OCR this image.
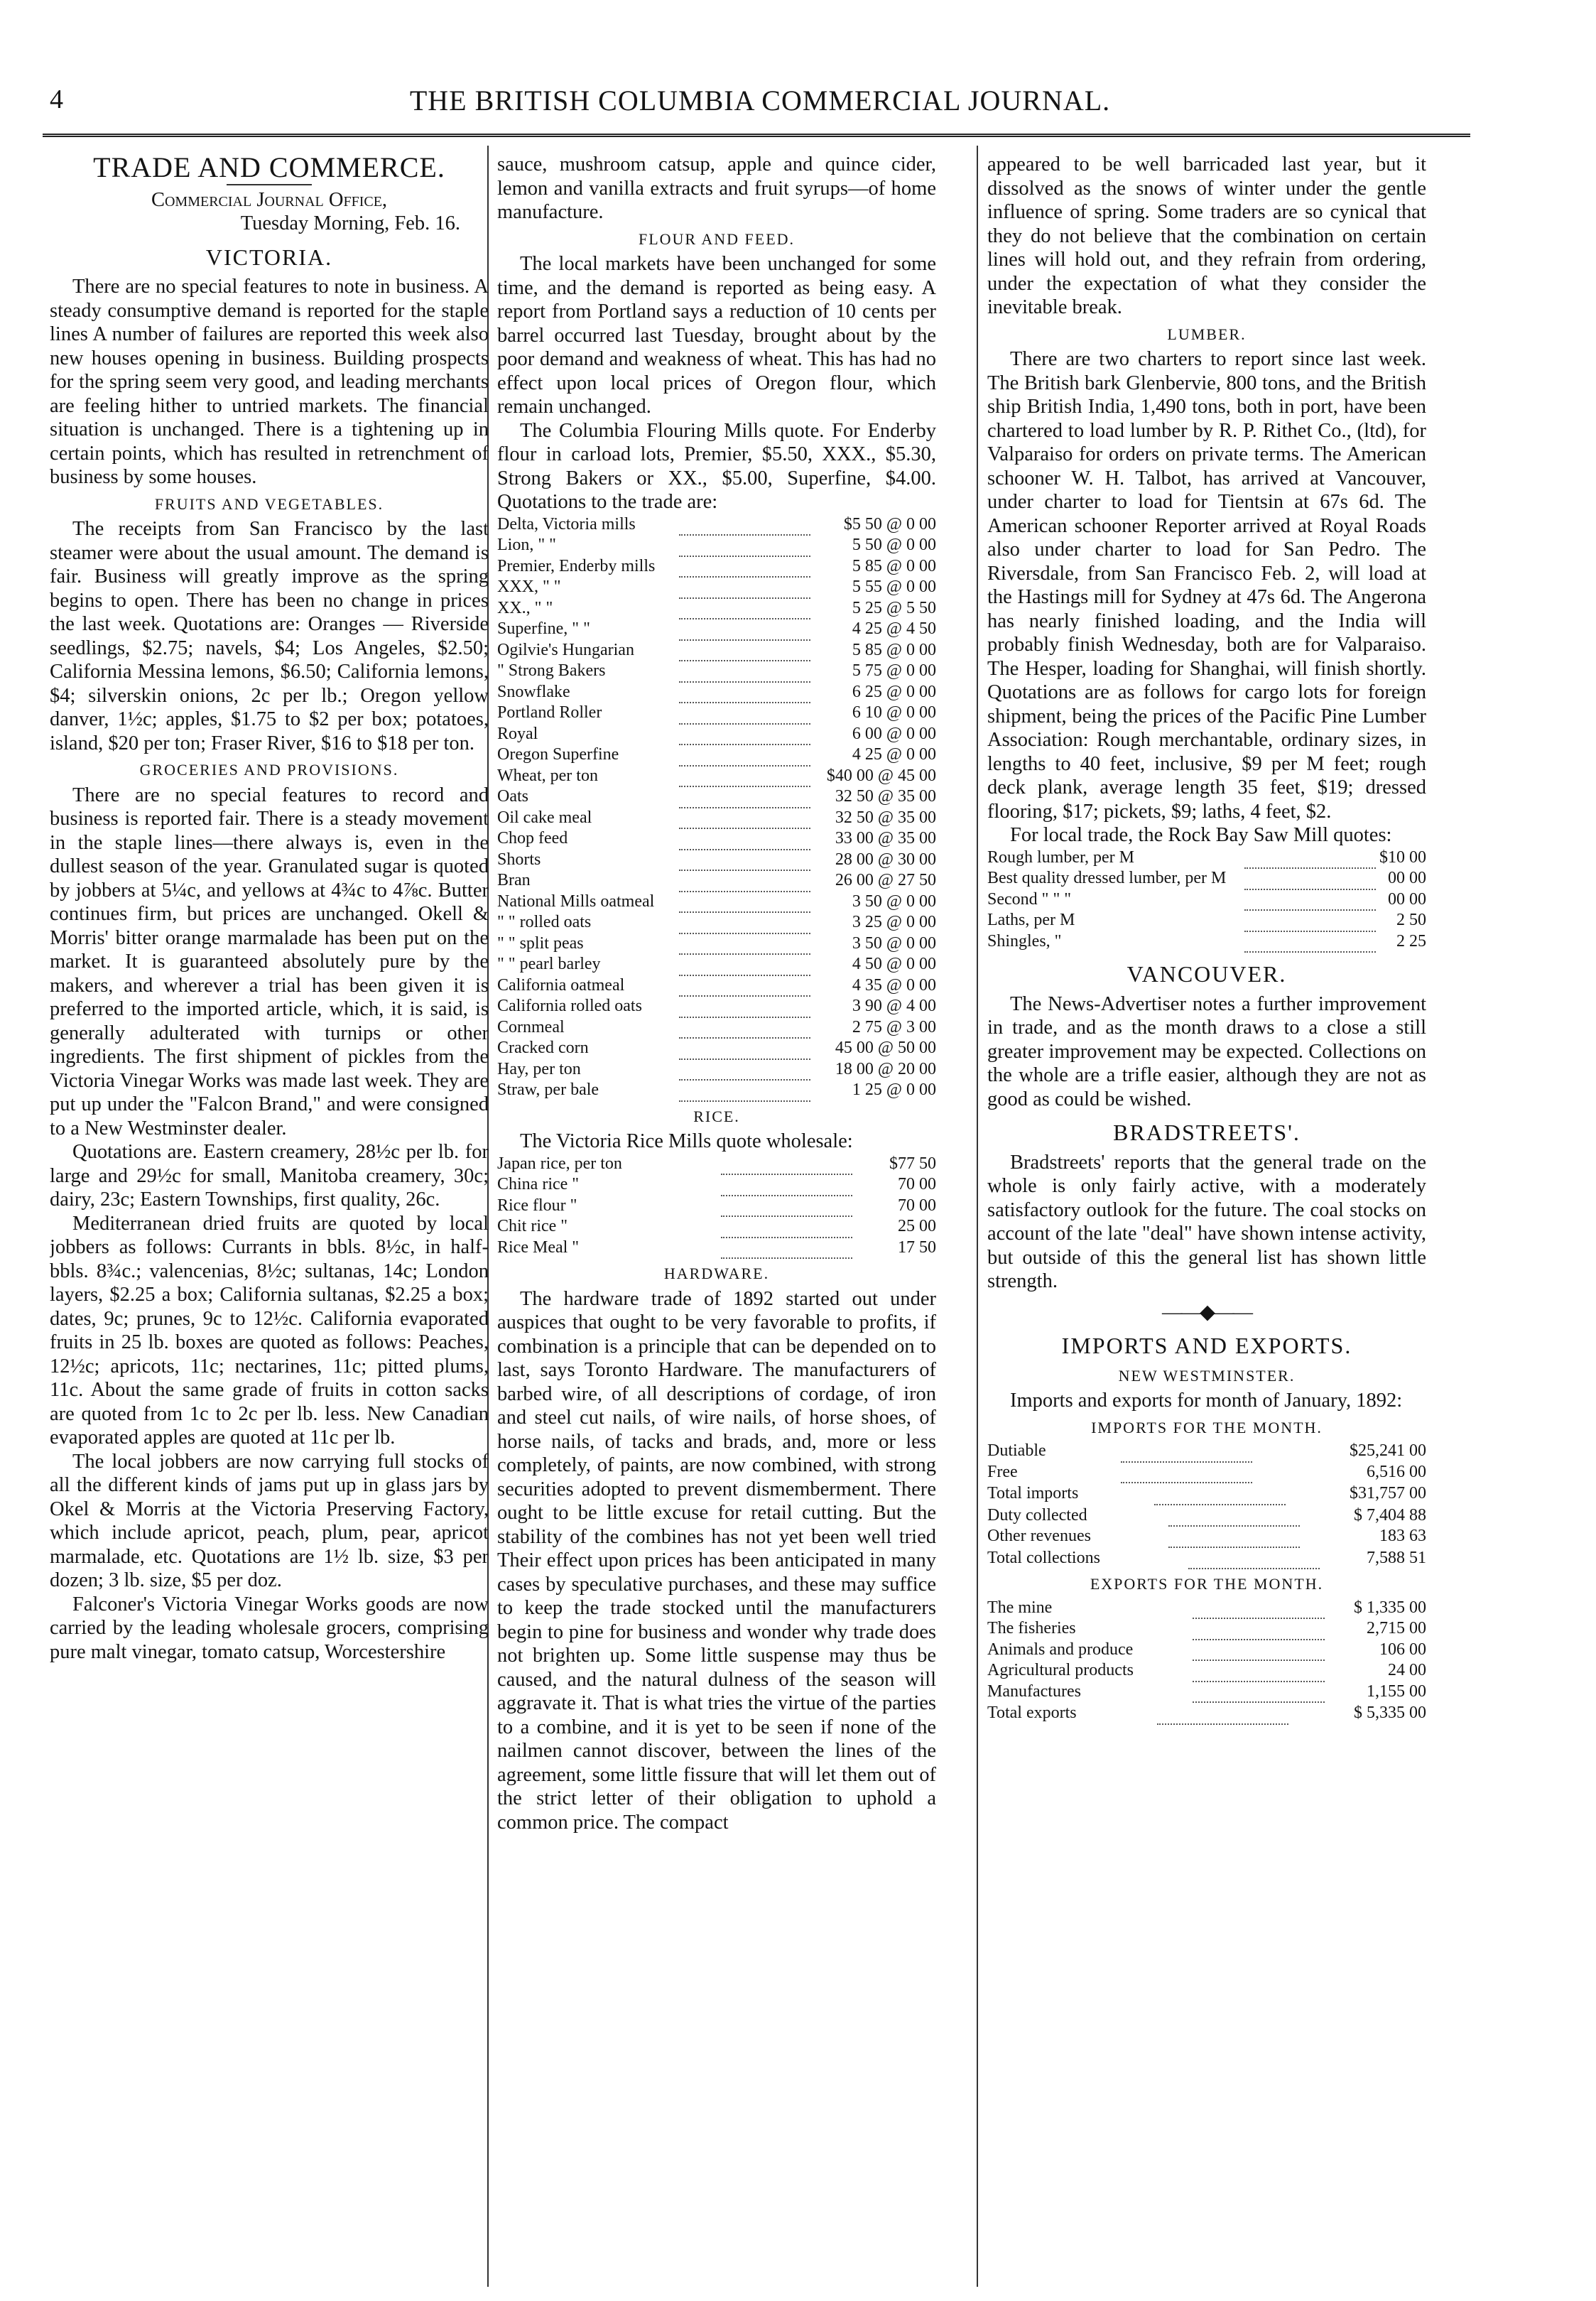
4	THE BRITISH COLUMBIA COMMERCIAL JOURNAL.
TRADE AND COMMERCE.

Commercial Journal Office,

Tuesday Morning, Feb. 16.

VICTORIA.

There are no special features to note in business. A steady consumptive demand is reported for the staple lines A number of failures are reported this week also new houses opening in business. Building prospects for the spring seem very good, and leading merchants are feeling hither to untried markets. The financial situation is unchanged. There is a tightening up in certain points, which has resulted in retrenchment of business by some houses.

FRUITS AND VEGETABLES.

The receipts from San Francisco by the last steamer were about the usual amount. The demand is fair. Business will greatly improve as the spring begins to open. There has been no change in prices the last week. Quotations are: Oranges — Riverside seedlings, $2.75; navels, $4; Los Angeles, $2.50; California Messina lemons, $6.50; California lemons, $4; silverskin onions, 2c per lb.; Oregon yellow danver, 1½c; apples, $1.75 to $2 per box; potatoes, island, $20 per ton; Fraser River, $16 to $18 per ton.

GROCERIES AND PROVISIONS.

There are no special features to record and business is reported fair. There is a steady movement in the staple lines—there always is, even in the dullest season of the year. Granulated sugar is quoted by jobbers at 5¼c, and yellows at 4¾c to 4⅞c. Butter continues firm, but prices are unchanged. Okell & Morris' bitter orange marmalade has been put on the market. It is guaranteed absolutely pure by the makers, and wherever a trial has been given it is preferred to the imported article, which, it is said, is generally adulterated with turnips or other ingredients. The first shipment of pickles from the Victoria Vinegar Works was made last week. They are put up under the "Falcon Brand," and were consigned to a New Westminster dealer.

Quotations are. Eastern creamery, 28½c per lb. for large and 29½c for small, Manitoba creamery, 30c; dairy, 23c; Eastern Townships, first quality, 26c.

Mediterranean dried fruits are quoted by local jobbers as follows: Currants in bbls. 8½c, in half-bbls. 8¾c.; valencenias, 8½c; sultanas, 14c; London layers, $2.25 a box; California sultanas, $2.25 a box; dates, 9c; prunes, 9c to 12½c. California evaporated fruits in 25 lb. boxes are quoted as follows: Peaches, 12½c; apricots, 11c; nectarines, 11c; pitted plums, 11c. About the same grade of fruits in cotton sacks are quoted from 1c to 2c per lb. less. New Canadian evaporated apples are quoted at 11c per lb.

The local jobbers are now carrying full stocks of all the different kinds of jams put up in glass jars by Okel & Morris at the Victoria Preserving Factory, which include apricot, peach, plum, pear, apricot marmalade, etc. Quotations are 1½ lb. size, $3 per dozen; 3 lb. size, $5 per doz.

Falconer's Victoria Vinegar Works goods are now carried by the leading wholesale grocers, comprising pure malt vinegar, tomato catsup, Worcestershire

sauce, mushroom catsup, apple and quince cider, lemon and vanilla extracts and fruit syrups—of home manufacture.

FLOUR AND FEED.

The local markets have been unchanged for some time, and the demand is reported as being easy. A report from Portland says a reduction of 10 cents per barrel occurred last Tuesday, brought about by the poor demand and weakness of wheat. This has had no effect upon local prices of Oregon flour, which remain unchanged.

The Columbia Flouring Mills quote. For Enderby flour in carload lots, Premier, $5.50, XXX., $5.30, Strong Bakers or XX., $5.00, Superfine, $4.00. Quotations to the trade are:

Delta, Victoria mills		$5 50 @ 0 00
Lion, " "		5 50 @ 0 00
Premier, Enderby mills		5 85 @ 0 00
XXX, " "		5 55 @ 0 00
XX., " "		5 25 @ 5 50
Superfine, " "		4 25 @ 4 50
Ogilvie's Hungarian		5 85 @ 0 00
" Strong Bakers		5 75 @ 0 00
Snowflake		6 25 @ 0 00
Portland Roller		6 10 @ 0 00
Royal		6 00 @ 0 00
Oregon Superfine		4 25 @ 0 00
Wheat, per ton		$40 00 @ 45 00
Oats		32 50 @ 35 00
Oil cake meal		32 50 @ 35 00
Chop feed		33 00 @ 35 00
Shorts		28 00 @ 30 00
Bran		26 00 @ 27 50
National Mills oatmeal		3 50 @ 0 00
" " rolled oats		3 25 @ 0 00
" " split peas		3 50 @ 0 00
" " pearl barley		4 50 @ 0 00
California oatmeal		4 35 @ 0 00
California rolled oats		3 90 @ 4 00
Cornmeal		2 75 @ 3 00
Cracked corn		45 00 @ 50 00
Hay, per ton		18 00 @ 20 00
Straw, per bale		1 25 @ 0 00
RICE.

The Victoria Rice Mills quote wholesale:

Japan rice, per ton		$77 50
China rice "		70 00
Rice flour "		70 00
Chit rice "		25 00
Rice Meal "		17 50
HARDWARE.

The hardware trade of 1892 started out under auspices that ought to be very favorable to profits, if combination is a principle that can be depended on to last, says Toronto Hardware. The manufacturers of barbed wire, of all descriptions of cordage, of iron and steel cut nails, of wire nails, of horse shoes, of horse nails, of tacks and brads, and, more or less completely, of paints, are now combined, with strong securities adopted to prevent dismemberment. There ought to be little excuse for retail cutting. But the stability of the combines has not yet been well tried Their effect upon prices has been anticipated in many cases by speculative purchases, and these may suffice to keep the trade stocked until the manufacturers begin to pine for business and wonder why trade does not brighten up. Some little suspense may thus be caused, and the natural dulness of the season will aggravate it. That is what tries the virtue of the parties to a combine, and it is yet to be seen if none of the nailmen cannot discover, between the lines of the agreement, some little fissure that will let them out of the strict letter of their obligation to uphold a common price. The compact

appeared to be well barricaded last year, but it dissolved as the snows of winter under the gentle influence of spring. Some traders are so cynical that they do not believe that the combination on certain lines will hold out, and they refrain from ordering, under the expectation of what they consider the inevitable break.

LUMBER.

There are two charters to report since last week. The British bark Glenbervie, 800 tons, and the British ship British India, 1,490 tons, both in port, have been chartered to load lumber by R. P. Rithet Co., (ltd), for Valparaiso for orders on private terms. The American schooner W. H. Talbot, has arrived at Vancouver, under charter to load for Tientsin at 67s 6d. The American schooner Reporter arrived at Royal Roads also under charter to load for San Pedro. The Riversdale, from San Francisco Feb. 2, will load at the Hastings mill for Sydney at 47s 6d. The Angerona has nearly finished loading, and the India will probably finish Wednesday, both are for Valparaiso. The Hesper, loading for Shanghai, will finish shortly. Quotations are as follows for cargo lots for foreign shipment, being the prices of the Pacific Pine Lumber Association: Rough merchantable, ordinary sizes, in lengths to 40 feet, inclusive, $9 per M feet; rough deck plank, average length 35 feet, $19; dressed flooring, $17; pickets, $9; laths, 4 feet, $2.

For local trade, the Rock Bay Saw Mill quotes:

Rough lumber, per M		$10 00
Best quality dressed lumber, per M		00 00
Second " " "		00 00
Laths, per M		2 50
Shingles, "		2 25
VANCOUVER.

The News-Advertiser notes a further improvement in trade, and as the month draws to a close a still greater improvement may be expected. Collections on the whole are a trifle easier, although they are not as good as could be wished.

BRADSTREETS'.

Bradstreets' reports that the general trade on the whole is only fairly active, with a moderately satisfactory outlook for the future. The coal stocks on account of the late "deal" have shown intense activity, but outside of this the general list has shown little strength.

——◆——
IMPORTS AND EXPORTS.
NEW WESTMINSTER.

Imports and exports for month of January, 1892:

IMPORTS FOR THE MONTH.
Dutiable		$25,241 00
Free		6,516 00
Total imports		$31,757 00
Duty collected		$ 7,404 88
Other revenues		183 63
Total collections		7,588 51
EXPORTS FOR THE MONTH.
The mine		$ 1,335 00
The fisheries		2,715 00
Animals and produce		106 00
Agricultural products		24 00
Manufactures		1,155 00
Total exports		$ 5,335 00
